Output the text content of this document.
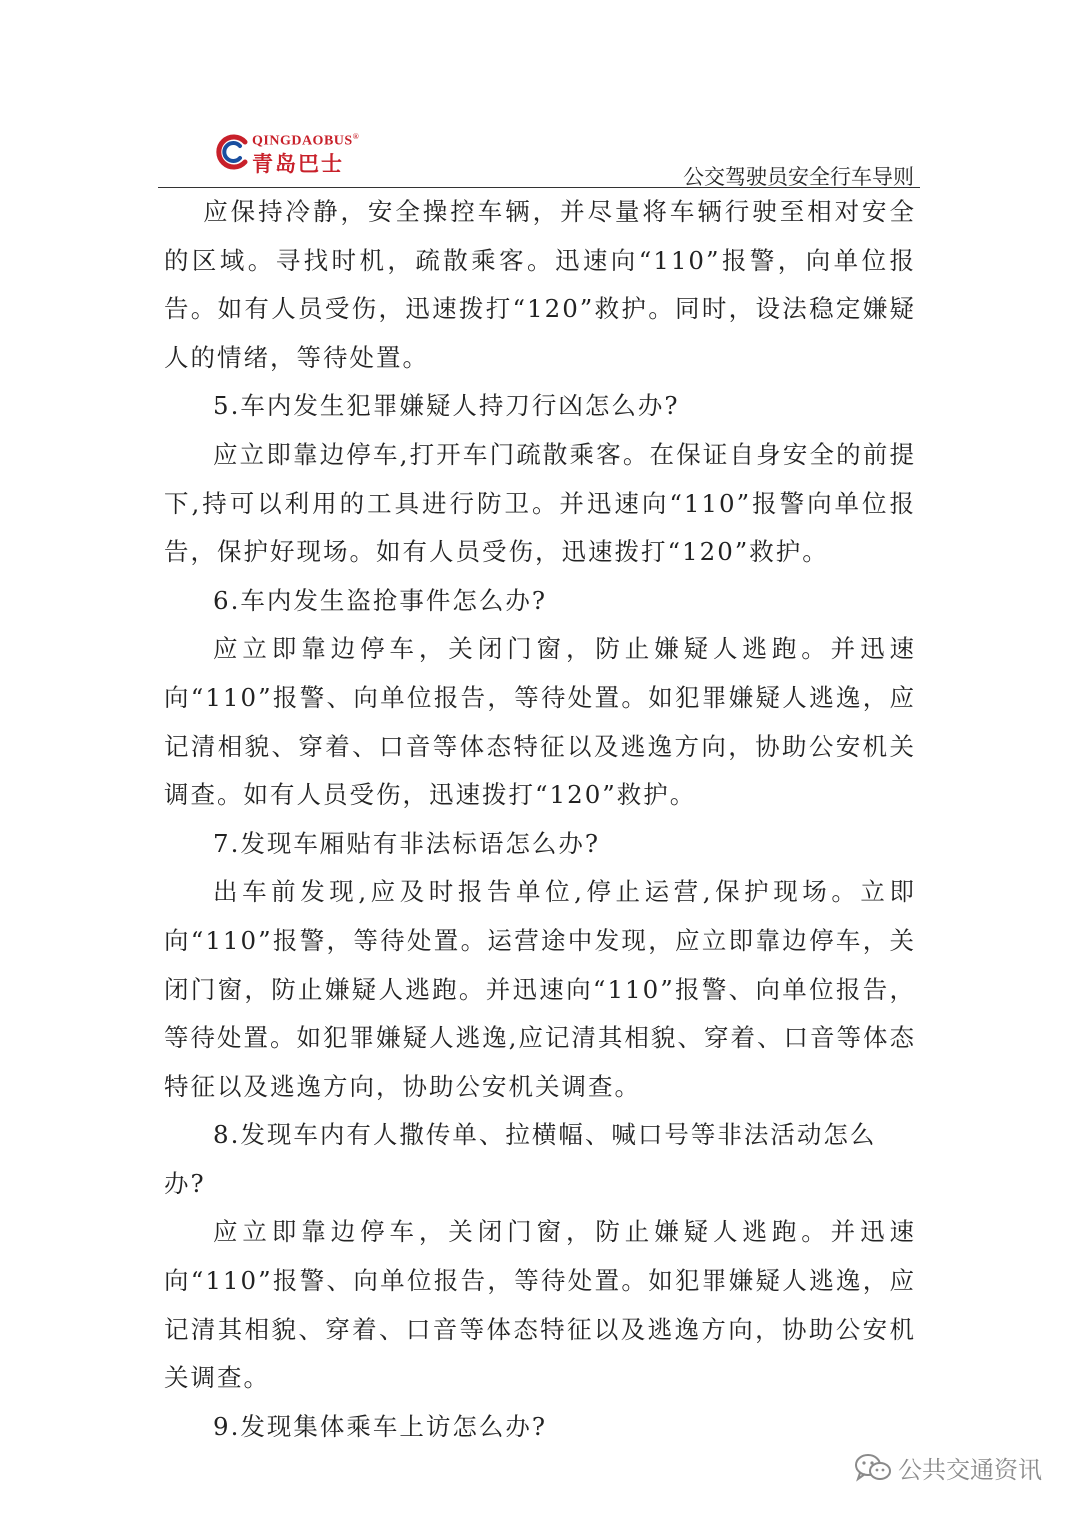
QINGDAOBUS®
青岛巴士
公交驾驶员安全行车导则

应保持冷静，安全操控车辆，并尽量将车辆行驶至相对安全的区域。寻找时机，疏散乘客。迅速向“110”报警，向单位报告。如有人员受伤，迅速拨打“120”救护。同时，设法稳定嫌疑人的情绪，等待处置。

5.车内发生犯罪嫌疑人持刀行凶怎么办?

应立即靠边停车,打开车门疏散乘客。在保证自身安全的前提下,持可以利用的工具进行防卫。并迅速向“110”报警向单位报告，保护好现场。如有人员受伤，迅速拨打“120”救护。

6.车内发生盗抢事件怎么办?

应立即靠边停车，关闭门窗，防止嫌疑人逃跑。并迅速向“110”报警、向单位报告，等待处置。如犯罪嫌疑人逃逸，应记清相貌、穿着、口音等体态特征以及逃逸方向，协助公安机关调查。如有人员受伤，迅速拨打“120”救护。

7.发现车厢贴有非法标语怎么办?

出车前发现,应及时报告单位,停止运营,保护现场。立即向“110”报警，等待处置。运营途中发现，应立即靠边停车，关闭门窗，防止嫌疑人逃跑。并迅速向“110”报警、向单位报告，等待处置。如犯罪嫌疑人逃逸,应记清其相貌、穿着、口音等体态特征以及逃逸方向，协助公安机关调查。

8.发现车内有人撒传单、拉横幅、喊口号等非法活动怎么办?

应立即靠边停车，关闭门窗，防止嫌疑人逃跑。并迅速向“110”报警、向单位报告，等待处置。如犯罪嫌疑人逃逸，应记清其相貌、穿着、口音等体态特征以及逃逸方向，协助公安机关调查。

9.发现集体乘车上访怎么办?

公共交通资讯
